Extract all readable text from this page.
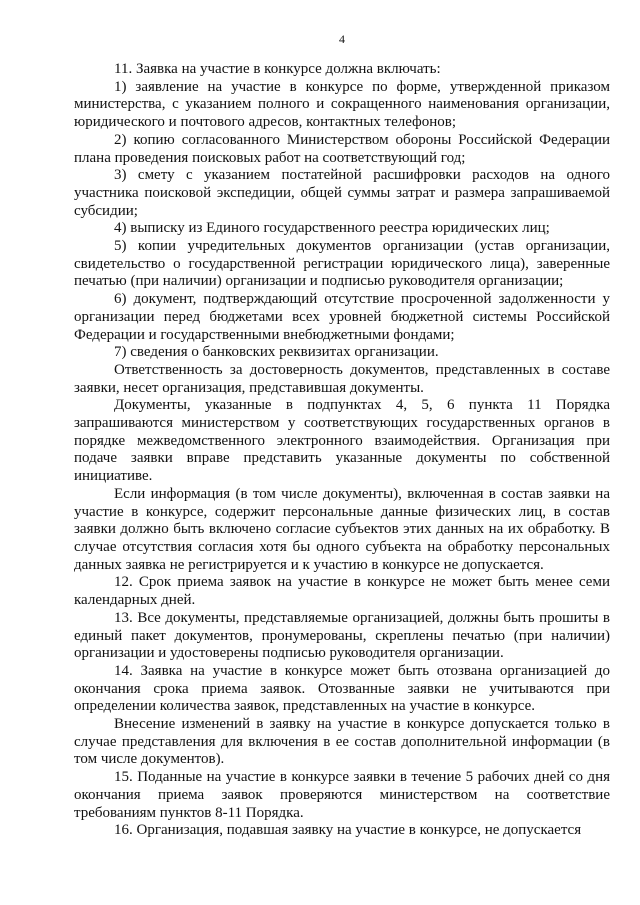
4

11. Заявка на участие в конкурсе должна включать:

1) заявление на участие в конкурсе по форме, утвержденной приказом министерства, с указанием полного и сокращенного наименования организации, юридического и почтового адресов, контактных телефонов;

2) копию согласованного Министерством обороны Российской Федерации плана проведения поисковых работ на соответствующий год;

3) смету с указанием постатейной расшифровки расходов на одного участника поисковой экспедиции, общей суммы затрат и размера запрашиваемой субсидии;

4) выписку из Единого государственного реестра юридических лиц;

5) копии учредительных документов организации (устав организации, свидетельство о государственной регистрации юридического лица), заверенные печатью (при наличии) организации и подписью руководителя организации;

6) документ, подтверждающий отсутствие просроченной задолженности у организации перед бюджетами всех уровней бюджетной системы Российской Федерации и государственными внебюджетными фондами;

7) сведения о банковских реквизитах организации.

Ответственность за достоверность документов, представленных в составе заявки, несет организация, представившая документы.

Документы, указанные в подпунктах 4, 5, 6 пункта 11 Порядка запрашиваются министерством у соответствующих государственных органов в порядке межведомственного электронного взаимодействия. Организация при подаче заявки вправе представить указанные документы по собственной инициативе.

Если информация (в том числе документы), включенная в состав заявки на участие в конкурсе, содержит персональные данные физических лиц, в состав заявки должно быть включено согласие субъектов этих данных на их обработку. В случае отсутствия согласия хотя бы одного субъекта на обработку персональных данных заявка не регистрируется и к участию в конкурсе не допускается.

12. Срок приема заявок на участие в конкурсе не может быть менее семи календарных дней.

13. Все документы, представляемые организацией, должны быть прошиты в единый пакет документов, пронумерованы, скреплены печатью (при наличии) организации и удостоверены подписью руководителя организации.

14. Заявка на участие в конкурсе может быть отозвана организацией до окончания срока приема заявок. Отозванные заявки не учитываются при определении количества заявок, представленных на участие в конкурсе.

Внесение изменений в заявку на участие в конкурсе допускается только в случае представления для включения в ее состав дополнительной информации (в том числе документов).

15. Поданные на участие в конкурсе заявки в течение 5 рабочих дней со дня окончания приема заявок проверяются министерством на соответствие требованиям пунктов 8-11 Порядка.

16. Организация, подавшая заявку на участие в конкурсе, не допускается
